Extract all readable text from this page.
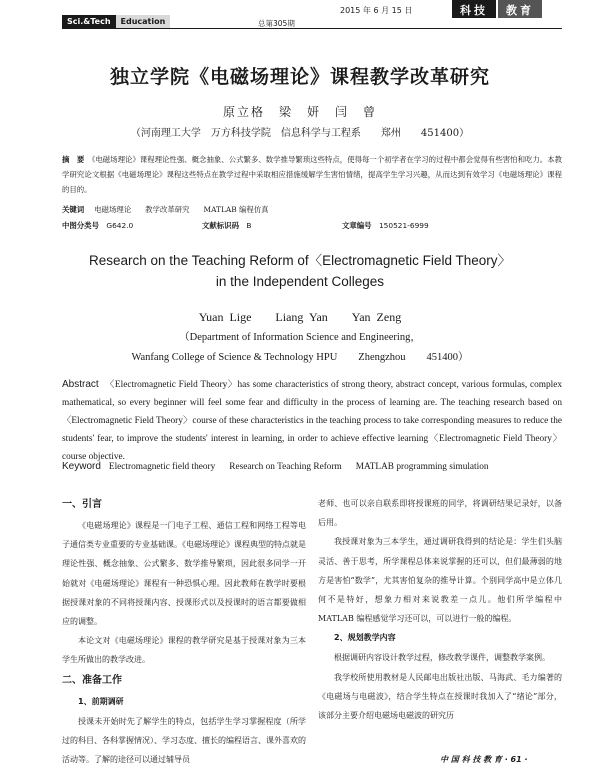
Sci.&Tech Education	总第305期
2015 年 6 月 15 日	科技	教育
独立学院《电磁场理论》课程教学改革研究
原立格　梁　妍　闫　曾
（河南理工大学　万方科技学院　信息科学与工程系　　郑州　　451400）
摘　要　 《电磁场理论》课程理论性强、概念抽象、公式繁多、数学推导繁琐这些特点，使得每一个初学者在学习的过程中都会觉得有些害怕和吃力。本教学研究论文根据《电磁场理论》课程这些特点在教学过程中采取相应措施缓解学生害怕情绪，提高学生学习兴趣，从而达到有效学习《电磁场理论》课程的目的。
关键词 电磁场理论 教学改革研究 MATLAB 编程仿真
中图分类号　 G642.0	文献标识码　 B	文章编号　 150521-6999
Research on the Teaching Reform of〈Electromagnetic Field Theory〉
in the Independent Colleges
Yuan Lige　　Liang Yan　　Yan Zeng
（Department of Information Science and Engineering，
Wanfang College of Science & Technology HPU　　Zhengzhou　　451400）
Abstract 〈Electromagnetic Field Theory〉has some characteristics of strong theory, abstract concept, various formulas, complex mathematical, so every beginner will feel some fear and difficulty in the process of learning are. The teaching research based on 〈Electromagnetic Field Theory〉course of these characteristics in the teaching process to take corresponding measures to reduce the students' fear, to improve the students' interest in learning, in order to achieve effective learning〈Electromagnetic Field Theory〉course objective.
Keyword Electromagnetic field theory Research on Teaching Reform MATLAB programming simulation
一、引言

《电磁场理论》课程是一门电子工程、通信工程和网络工程等电子通信类专业重要的专业基础课。《电磁场理论》课程典型的特点就是理论性强、概念抽象、公式繁多、数学推导繁琐，因此很多同学一开始就对《电磁场理论》课程有一种恐惧心理。因此教师在教学时要根据授课对象的不同将授课内容、授课形式以及授课时的语言都要做相应的调整。

本论文对《电磁场理论》课程的教学研究是基于授课对象为三本学生所做出的教学改进。

二、准备工作
1、前期调研

授课未开始时先了解学生的特点，包括学生学习掌握程度（所学过的科目、各科掌握情况）、学习态度、擅长的编程语言、课外喜欢的活动等。了解的途径可以通过辅导员

老师、也可以亲自联系即将授课班的同学，将调研结果记录好，以备后用。

我授课对象为三本学生，通过调研我得到的结论是：学生们头脑灵活、善于思考，所学课程总体来说掌握的还可以，但们最薄弱的地方是害怕“数学”，尤其害怕复杂的推导计算。个别同学高中是立体几何不是特好，想象力相对来说教差一点儿。他们所学编程中 MATLAB 编程感觉学习还可以，可以进行一般的编程。

2、规划教学内容

根据调研内容设计教学过程，修改教学课件，调整教学案例。

我学校所使用教材是人民邮电出版社出版、马海武、毛力编著的《电磁场与电磁波》，结合学生特点在授课时我加入了“绪论”部分，该部分主要介绍电磁场电磁波的研究历

中 国 科 技 教 育 · 61 ·
